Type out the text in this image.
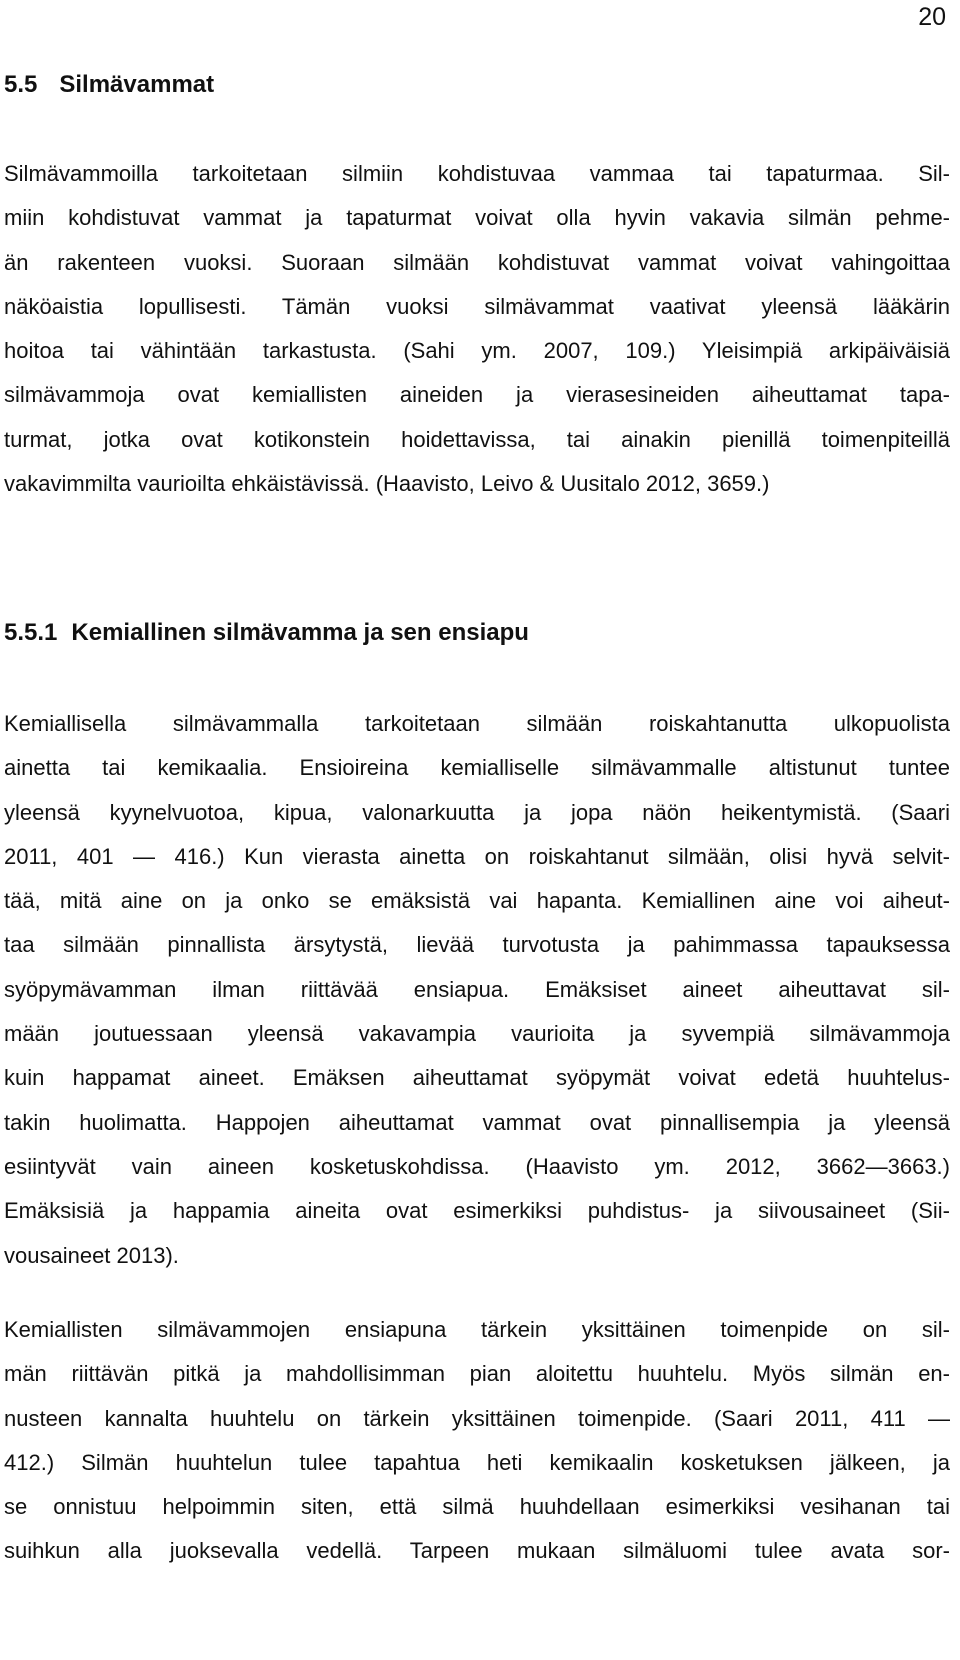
20

5.5 Silmävammat

Silmävammoilla tarkoitetaan silmiin kohdistuvaa vammaa tai tapaturmaa. Sil-
miin kohdistuvat vammat ja tapaturmat voivat olla hyvin vakavia silmän pehme-
än rakenteen vuoksi. Suoraan silmään kohdistuvat vammat voivat vahingoittaa
näköaistia lopullisesti. Tämän vuoksi silmävammat vaativat yleensä lääkärin
hoitoa tai vähintään tarkastusta. (Sahi ym. 2007, 109.) Yleisimpiä arkipäiväisiä
silmävammoja ovat kemiallisten aineiden ja vierasesineiden aiheuttamat tapa-
turmat, jotka ovat kotikonstein hoidettavissa, tai ainakin pienillä toimenpiteillä
vakavimmilta vaurioilta ehkäistävissä. (Haavisto, Leivo & Uusitalo 2012, 3659.)

5.5.1 Kemiallinen silmävamma ja sen ensiapu

Kemiallisella silmävammalla tarkoitetaan silmään roiskahtanutta ulkopuolista
ainetta tai kemikaalia. Ensioireina kemialliselle silmävammalle altistunut tuntee
yleensä kyynelvuotoa, kipua, valonarkuutta ja jopa näön heikentymistä. (Saari
2011, 401 — 416.) Kun vierasta ainetta on roiskahtanut silmään, olisi hyvä selvit-
tää, mitä aine on ja onko se emäksistä vai hapanta. Kemiallinen aine voi aiheut-
taa silmään pinnallista ärsytystä, lievää turvotusta ja pahimmassa tapauksessa
syöpymävamman ilman riittävää ensiapua. Emäksiset aineet aiheuttavat sil-
mään joutuessaan yleensä vakavampia vaurioita ja syvempiä silmävammoja
kuin happamat aineet. Emäksen aiheuttamat syöpymät voivat edetä huuhtelus-
takin huolimatta. Happojen aiheuttamat vammat ovat pinnallisempia ja yleensä
esiintyvät vain aineen kosketuskohdissa. (Haavisto ym. 2012, 3662—3663.)
Emäksisiä ja happamia aineita ovat esimerkiksi puhdistus- ja siivousaineet (Sii-
vousaineet 2013).

Kemiallisten silmävammojen ensiapuna tärkein yksittäinen toimenpide on sil-
män riittävän pitkä ja mahdollisimman pian aloitettu huuhtelu. Myös silmän en-
nusteen kannalta huuhtelu on tärkein yksittäinen toimenpide. (Saari 2011, 411 —
412.) Silmän huuhtelun tulee tapahtua heti kemikaalin kosketuksen jälkeen, ja
se onnistuu helpoimmin siten, että silmä huuhdellaan esimerkiksi vesihanan tai
suihkun alla juoksevalla vedellä. Tarpeen mukaan silmäluomi tulee avata sor-
